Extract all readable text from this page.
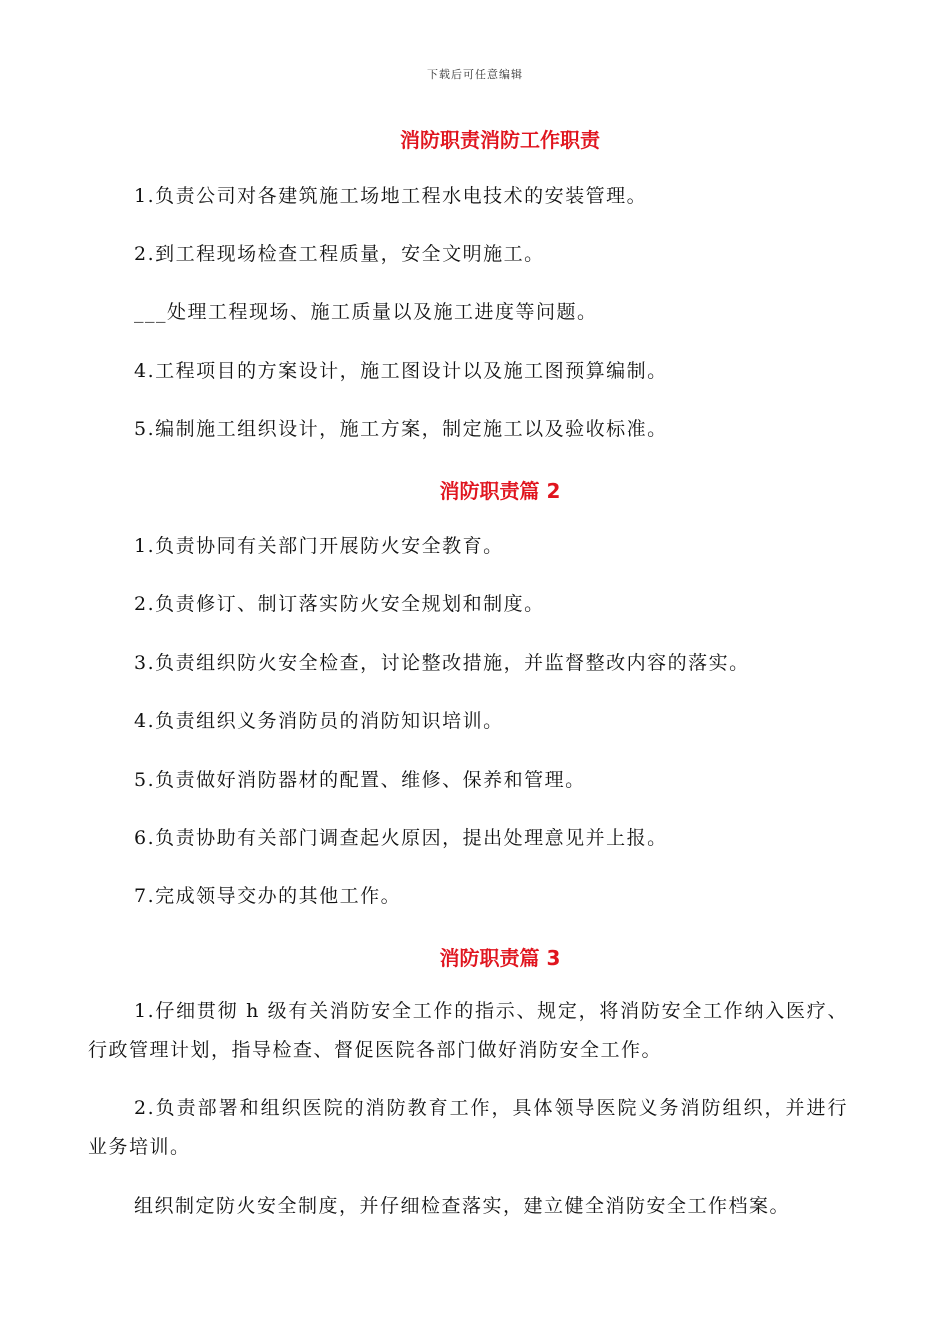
下载后可任意编辑
消防职责消防工作职责
1.负责公司对各建筑施工场地工程水电技术的安装管理。
2.到工程现场检查工程质量，安全文明施工。
___处理工程现场、施工质量以及施工进度等问题。
4.工程项目的方案设计，施工图设计以及施工图预算编制。
5.编制施工组织设计，施工方案，制定施工以及验收标准。
消防职责篇 2
1.负责协同有关部门开展防火安全教育。
2.负责修订、制订落实防火安全规划和制度。
3.负责组织防火安全检查，讨论整改措施，并监督整改内容的落实。
4.负责组织义务消防员的消防知识培训。
5.负责做好消防器材的配置、维修、保养和管理。
6.负责协助有关部门调查起火原因，提出处理意见并上报。
7.完成领导交办的其他工作。
消防职责篇 3
1.仔细贯彻 h 级有关消防安全工作的指示、规定，将消防安全工作纳入医疗、行政管理计划，指导检查、督促医院各部门做好消防安全工作。
2.负责部署和组织医院的消防教育工作，具体领导医院义务消防组织，并进行业务培训。
组织制定防火安全制度，并仔细检查落实，建立健全消防安全工作档案。
